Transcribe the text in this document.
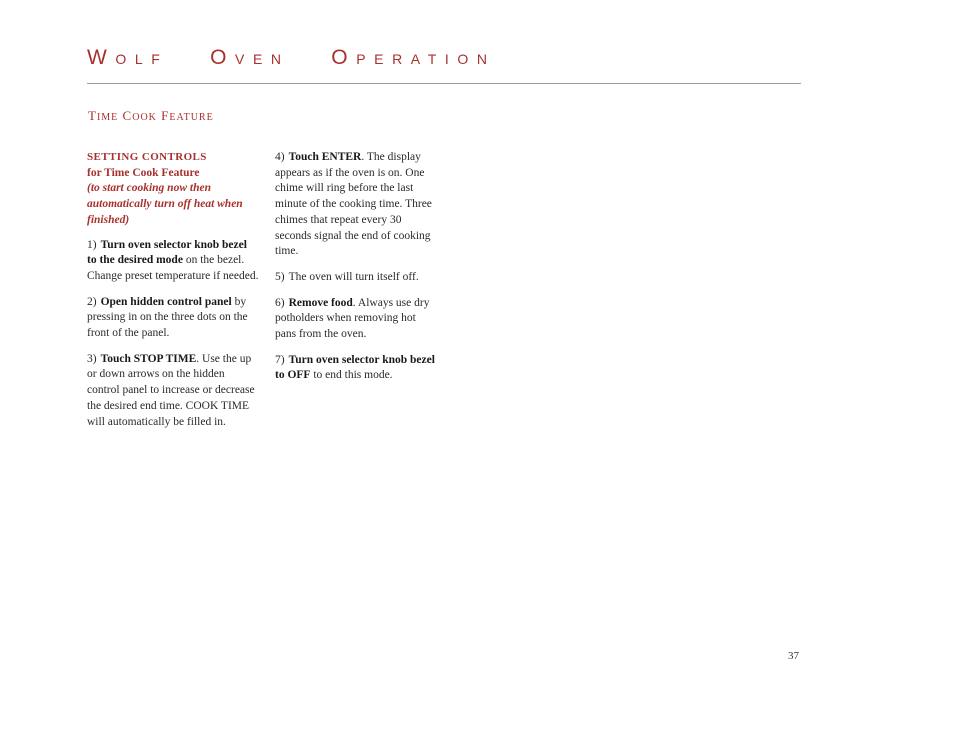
WOLF OVEN OPERATION
TIME COOK FEATURE
SETTING CONTROLS
for Time Cook Feature
(to start cooking now then automatically turn off heat when finished)

1) Turn oven selector knob bezel to the desired mode on the bezel. Change preset temperature if needed.

2) Open hidden control panel by pressing in on the three dots on the front of the panel.

3) Touch STOP TIME. Use the up or down arrows on the hidden control panel to increase or decrease the desired end time. COOK TIME will automatically be filled in.

4) Touch ENTER. The display appears as if the oven is on. One chime will ring before the last minute of the cooking time. Three chimes that repeat every 30 seconds signal the end of cooking time.

5) The oven will turn itself off.

6) Remove food. Always use dry potholders when removing hot pans from the oven.

7) Turn oven selector knob bezel to OFF to end this mode.

37
